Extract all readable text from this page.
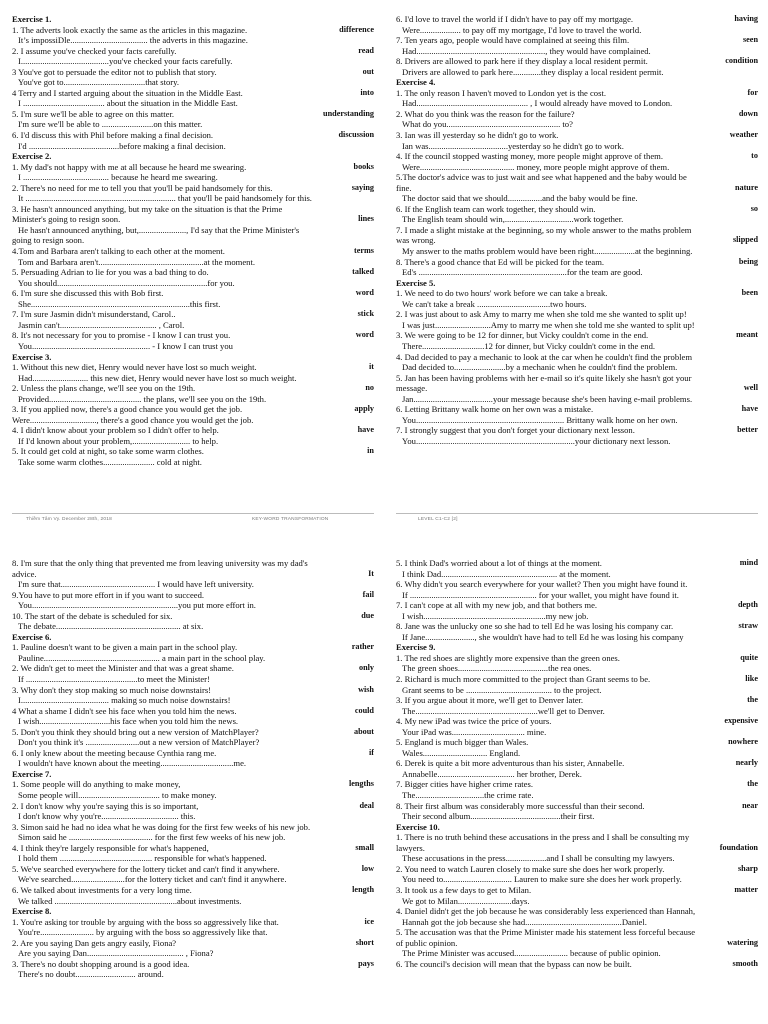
Exercise 1.
1. The adverts look exactly the same as the articles in this magazine.	difference
It’s impossiDle.................................... the adverts in this magazine.
2. I assume you've checked your facts carefully.	read
I.........................................you've checked your facts carefully.
3 You've got to persuade the editor not to publish that story.	out
You've got to......................................that story.
4 Terry and I started arguing about the situation in the Middle East.	into
I ...................................... about the situation in the Middle East.
5. I'm sure we'll be able to agree on this matter.	understanding
I'm sure we'll be able to ........................on this matter.
6. I'd discuss this with Phil before making a final decision.	discussion
I'd ..........................................before making a final decision.
Exercise 2.
1. My dad's not happy with me at all because he heard me swearing.	books
I ........................................ because he heard me swearing.
2. There's no need for me to tell you that you'll be paid handsomely for this.	saying
It ...................................................................... that you'll be paid handsomely for this.
3. He hasn't announced anything, but my take on the situation is that the Prime
Minister's going to resign soon.	lines
He hasn't announced anything, but,......................, I'd say that the Prime Minister's
going to resign soon.
4.Tom and Barbara aren't talking to each other at the moment.	terms
Tom and Barbara aren't.................................................at the moment.
5. Persuading Adrian to lie for you was a bad thing to do.	talked
You should......................................................................for you.
6. I'm sure she discussed this with Bob first.	word
She..........................................................................this first.
7. I'm sure Jasmin didn't misunderstand, Carol..	stick
Jasmin can't............................................. , Carol.
8. It's not necessary for you to promise - I know I can trust you.	word
You....................................................... - I know I can trust you
Exercise 3.
1. Without this new diet, Henry would never have lost so much weight.	it
Had.......................... this new diet, Henry would never have lost so much weight.
2. Unless the plans change, we'll see you on the 19th.	no
Provided........................................... the plans, we'll see you on the 19th.
3. If you applied now, there's a good chance you would get the job.	apply
Were..............................., there's a good chance you would get the job.
4. I didn't know about your problem so I didn't offer to help.	have
If I'd known about your problem,........................... to help.
5. It could get cold at night, so take some warm clothes.	in
Take some warm clothes........................ cold at night.
6. I'd love to travel the world if I didn't have to pay off my mortgage.	having
Were................... to pay off my mortgage, I'd love to travel the world.
7. Ten years ago, people would have complained at seeing this film.	seen
Had............................................................, they would have complained.
8. Drivers are allowed to park here if they display a local resident permit.	condition
Drivers are allowed to park here.............they display a local resident permit.
Exercise 4.
1. The only reason I haven't moved to London yet is the cost.	for
Had.................................................... , I would already have moved to London.
2. What do you think was the reason for the failure?	down
What do you..................................................... to?
3. Ian was ill yesterday so he didn't go to work.	weather
Ian was.....................................yesterday so he didn't go to work.
4. If the council stopped wasting money, more people might approve of them.	to
Were............................................ money, more people might approve of them.
5.The doctor's advice was to just wait and see what happened and the baby would be
fine.	nature
The doctor said that we should................and the baby would be fine.
6. If the English team can work together, they should win.	so
The English team should win,................................work together.
7. I made a slight mistake at the beginning, so my whole answer to the maths problem
was wrong.	slipped
My answer to the maths problem would have been right...................at the beginning.
8. There's a good chance that Ed will be picked for the team.	being
Ed's .....................................................................for the team are good.
Exercise 5.
1. We need to do two hours' work before we can take a break.	been
We can't take a break ..................................two hours.
2. I was just about to ask Amy to marry me when she told me she wanted to split up!
I was just..........................Amy to marry me when she told me she wanted to split up!
3. We were going to be 12 for dinner, but Vicky couldn't come in the end.	meant
There.............................12 for dinner, but Vicky couldn't come in the end.
4. Dad decided to pay a mechanic to look at the car when he couldn't find the problem
Dad decided to........................by a mechanic when he couldn't find the problem.
5. Jan has been having problems with her e-mail so it's quite likely she hasn't got your
message.	well
Jan.....................................your message because she's been having e-mail problems.
6. Letting Brittany walk home on her own was a mistake.	have
You..................................................................... Brittany walk home on her own.
7. I strongly suggest that you don't forget your dictionary next lesson.	better
You..........................................................................your dictionary next lesson.
Thiềm Tâm Vy. December 28th, 2018	KEY-WORD TRANSFORMATION	LEVEL C1-C2 [2]
8. I'm sure that the only thing that prevented me from leaving university was my dad's
advice.	It
I'm sure that............................................ I would have left university.
9.You have to put more effort in if you want to succeed.	fail
You....................................................................you put more effort in.
10. The start of the debate is scheduled for six.	due
The debate.......................................................... at six.
Exercise 6.
1. Pauline doesn't want to be given a main part in the school play.	rather
Pauline...................................................... a main part in the school play.
2. We didn't get to meet the Minister and that was a great shame.	only
If ....................................................to meet the Minister!
3. Why don't they stop making so much noise downstairs!	wish
I......................................... making so much noise downstairs!
4 What a shame I didn't see his face when you told him the news.	could
I wish.................................his face when you told him the news.
5. Don't you think they should bring out a new version of MatchPlayer?	about
Don't you think it's .........................out a new version of MatchPlayer?
6. I only knew about the meeting because Cynthia rang me.	if
I wouldn't have known about the meeting..................................me.
Exercise 7.
1. Some people will do anything to make money,	lengths
Some people will...................................... to make money.
2. I don't know why you're saying this is so important,	deal
I don't know why you're.................................... this.
3. Simon said he had no idea what he was doing for the first few weeks of his new job.
Simon said he ....................................... for the first few weeks of his new job.
4. I think they're largely responsible for what's happened,	small
I hold them ........................................... responsible for what's happened.
5. We've searched everywhere for the lottery ticket and can't find it anywhere.	low
We've searched.........................for the lottery ticket and can't find it anywhere.
6. We talked about investments for a very long time.	length
We talked .........................................................about investments.
Exercise 8.
1. You're asking tor trouble by arguing with the boss so aggressively like that.	ice
You're......................... by arguing with the boss so aggressively like that.
2. Are you saying Dan gets angry easily, Fiona?	short
Are you saying Dan............................................. , Fiona?
3. There's no doubt shopping around is a good idea.	pays
There's no doubt............................ around.
5. I think Dad's worried about a lot of things at the moment.	mind
I think Dad...................................................... at the moment.
6. Why didn't you search everywhere for your wallet? Then you might have found it.
If ........................................................... for your wallet, you might have found it.
7. I can't cope at all with my new job, and that bothers me.	depth
I wish.........................................................my new job.
8. Jane was the unlucky one so she had to tell Ed he was losing his company car.	straw
If Jane......................., she wouldn't have had to tell Ed he was losing his company
Exercise 9.
1. The red shoes are slightly more expensive than the green ones.	quite
The green shoes..........................................the rea ones.
2. Richard is much more committed to the project than Grant seems to be.	like
Grant seems to be ........................................ to the project.
3. If you argue about it more, we'll get to Denver later.	the
The.........................................................we'll get to Denver.
4. My new iPad was twice the price of yours.	expensive
Your iPad was.................................. mine.
5. England is much bigger than Wales.	nowhere
Wales.............................. England.
6. Derek is quite a bit more adventurous than his sister, Annabelle.	nearly
Annabelle.................................... her brother, Derek.
7. Bigger cities have higher crime rates.	the
The................................the crime rate.
8. Their first album was considerably more successful than their second.	near
Their second album..........................................their first.
Exercise 10.
1. There is no truth behind these accusations in the press and I shall be consulting my
lawyers.	foundation
These accusations in the press...................and I shall be consulting my lawyers.
2. You need to watch Lauren closely to make sure she does her work properly.	sharp
You need to................................ Lauren to make sure she does her work properly.
3. It took us a few days to get to Milan.	matter
We got to Milan.........................days.
4. Daniel didn't get the job because he was considerably less experienced than Hannah,
Hannah got the job because she had.............................................Daniel.
5. The accusation was that the Prime Minister made his statement less forceful because
of public opinion.	watering
The Prime Minister was accused......................... because of public opinion.
6. The council's decision will mean that the bypass can now be built.	smooth
